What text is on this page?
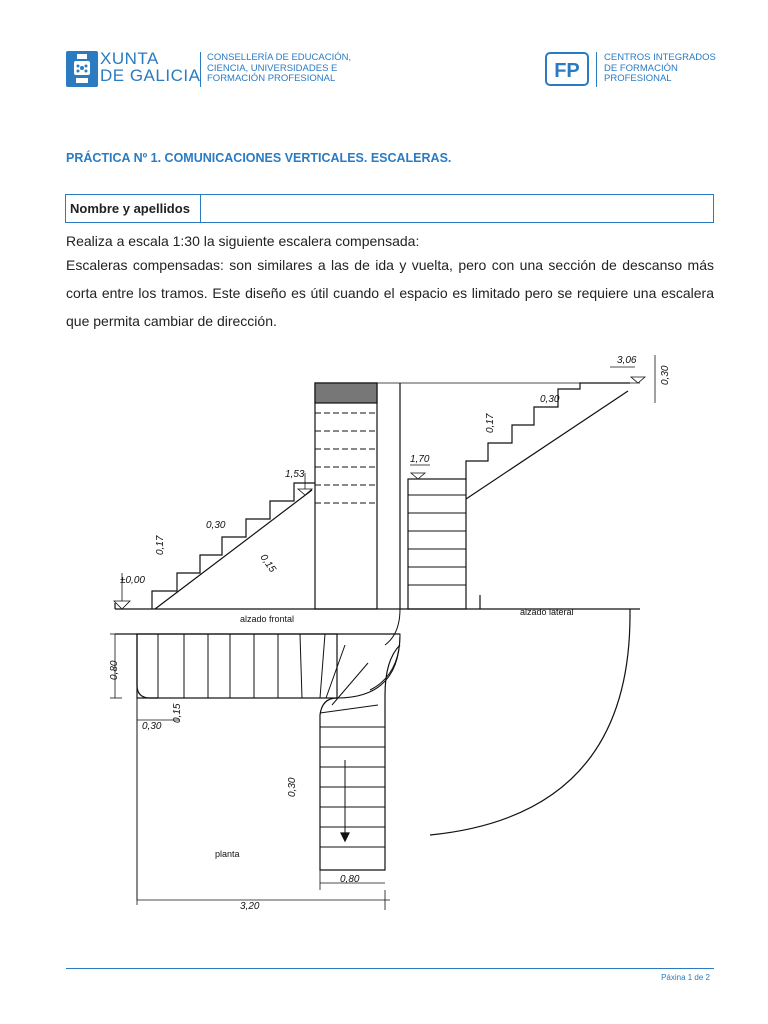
XUNTA
DE GALICIA
CONSELLERÍA DE EDUCACIÓN,
CIENCIA, UNIVERSIDADES E
FORMACIÓN PROFESIONAL	FP
CENTROS INTEGRADOS
DE FORMACIÓN
PROFESIONAL
PRÁCTICA Nº 1. COMUNICACIONES VERTICALES. ESCALERAS.
Nombre y apellidos
Realiza a escala 1:30 la siguiente escalera compensada:
Escaleras compensadas: son similares a las de ida y vuelta, pero con una sección de descanso más corta entre los tramos. Este diseño es útil cuando el espacio es limitado pero se requiere una escalera que permita cambiar de dirección.
alzado frontal
alzado lateral
planta
±0,00
0,17
0,30
0,15
1,53
1,70
0,17
0,30
3,06
0,30
0,80
0,30
0,15
0,30
0,80
3,20
Páxina 1 de 2
